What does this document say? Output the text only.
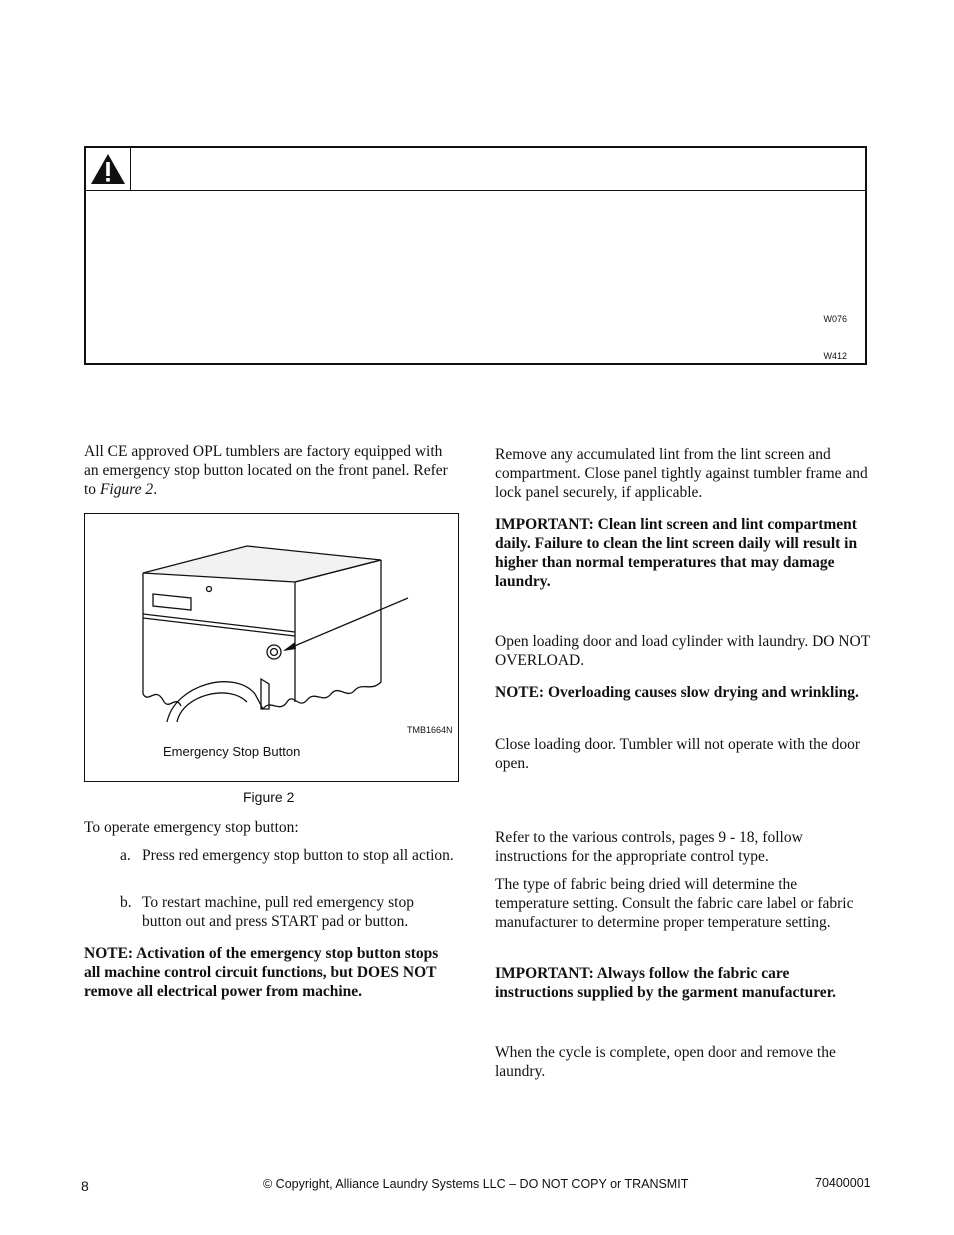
W076
W412

All CE approved OPL tumblers are factory equipped with an emergency stop button located on the front panel. Refer to Figure 2.

TMB1664N
Emergency Stop Button
Figure 2

To operate emergency stop button:

a. Press red emergency stop button to stop all action.
b. To restart machine, pull red emergency stop button out and press START pad or button.

NOTE: Activation of the emergency stop button stops all machine control circuit functions, but DOES NOT remove all electrical power from machine.

Remove any accumulated lint from the lint screen and compartment. Close panel tightly against tumbler frame and lock panel securely, if applicable.

IMPORTANT: Clean lint screen and lint compartment daily. Failure to clean the lint screen daily will result in higher than normal temperatures that may damage laundry.

Open loading door and load cylinder with laundry. DO NOT OVERLOAD.

NOTE: Overloading causes slow drying and wrinkling.

Close loading door. Tumbler will not operate with the door open.

Refer to the various controls, pages 9 - 18, follow instructions for the appropriate control type.

The type of fabric being dried will determine the temperature setting. Consult the fabric care label or fabric manufacturer to determine proper temperature setting.

IMPORTANT: Always follow the fabric care instructions supplied by the garment manufacturer.

When the cycle is complete, open door and remove the laundry.

8	© Copyright, Alliance Laundry Systems LLC – DO NOT COPY or TRANSMIT	70400001
